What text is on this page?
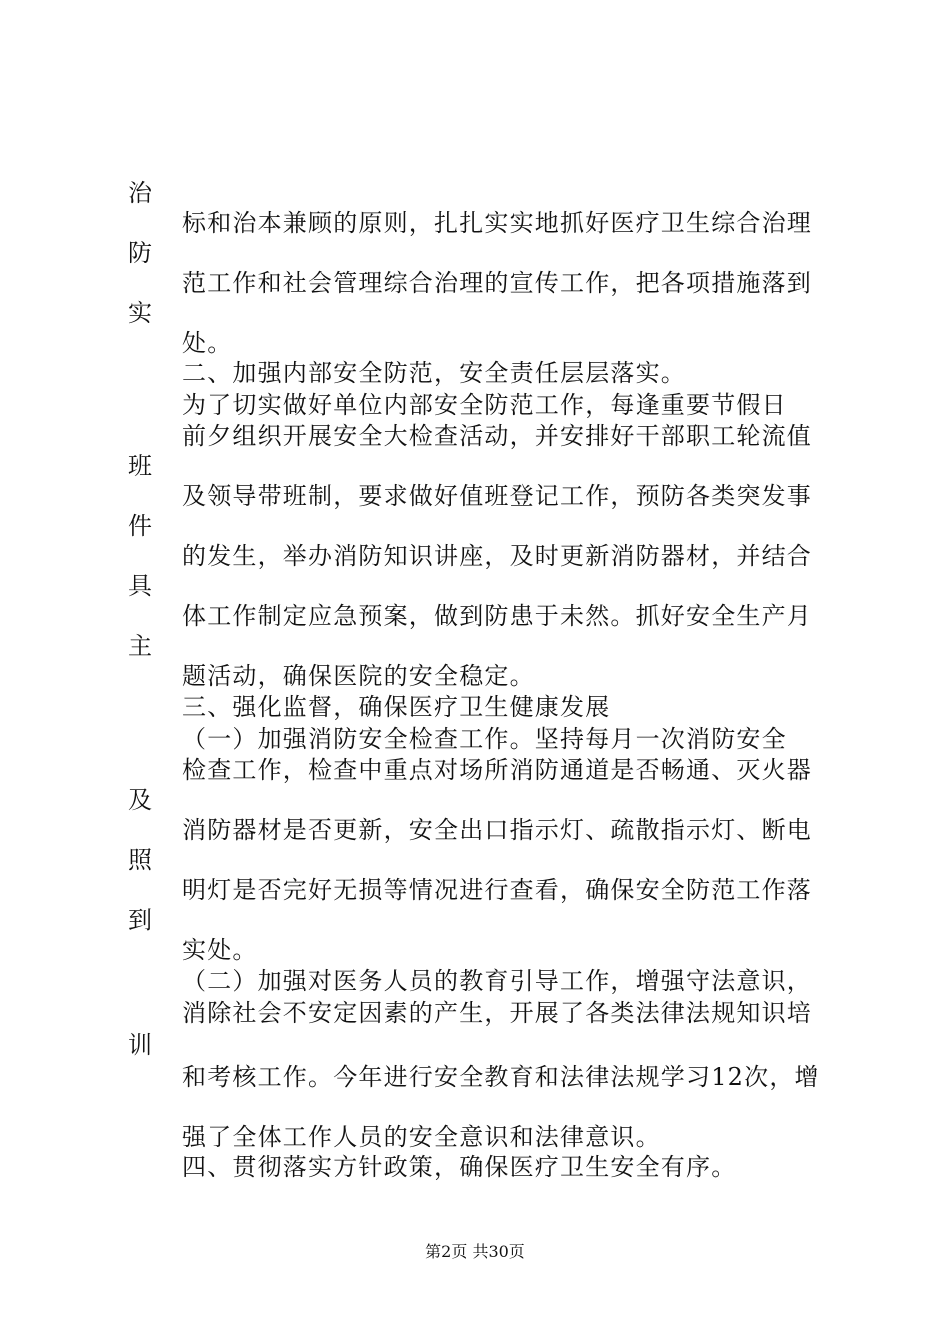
治
防
实
班
件
具
主
及
照
到
训
标和治本兼顾的原则，扎扎实实地抓好医疗卫生综合治理
范工作和社会管理综合治理的宣传工作，把各项措施落到
处。
二、加强内部安全防范，安全责任层层落实。
为了切实做好单位内部安全防范工作，每逢重要节假日
前夕组织开展安全大检查活动，并安排好干部职工轮流值
及领导带班制，要求做好值班登记工作，预防各类突发事
的发生，举办消防知识讲座，及时更新消防器材，并结合
体工作制定应急预案，做到防患于未然。抓好安全生产月
题活动，确保医院的安全稳定。
三、强化监督，确保医疗卫生健康发展
（一）加强消防安全检查工作。坚持每月一次消防安全
检查工作，检查中重点对场所消防通道是否畅通、灭火器
消防器材是否更新，安全出口指示灯、疏散指示灯、断电
明灯是否完好无损等情况进行查看，确保安全防范工作落
实处。
（二）加强对医务人员的教育引导工作，增强守法意识，
消除社会不安定因素的产生，开展了各类法律法规知识培
和考核工作。今年进行安全教育和法律法规学习12次，增
强了全体工作人员的安全意识和法律意识。
四、贯彻落实方针政策，确保医疗卫生安全有序。
第2页 共30页
